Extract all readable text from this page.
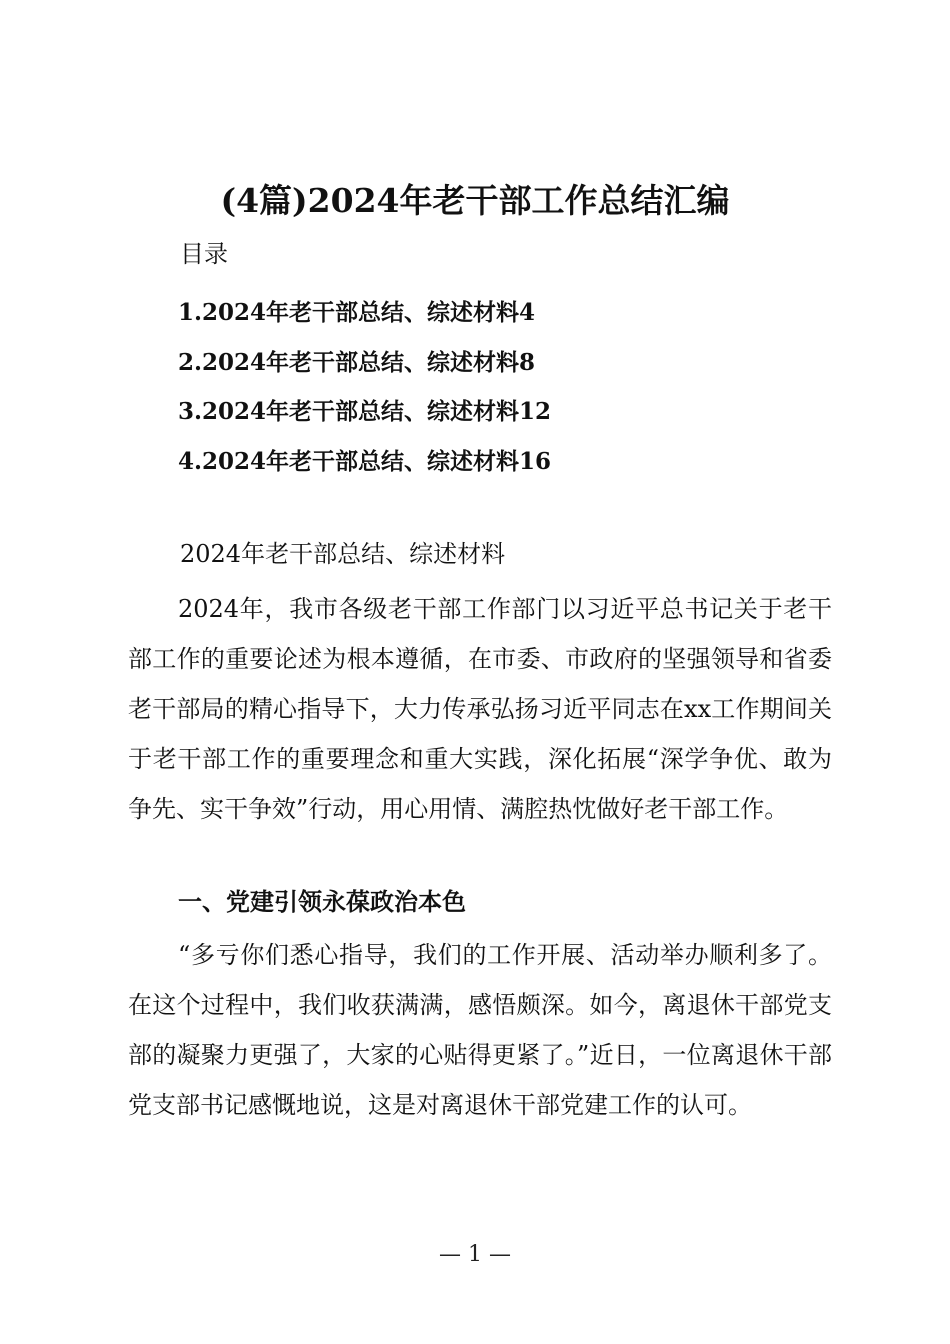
(4篇)2024年老干部工作总结汇编
目录
1.2024年老干部总结、综述材料4
2.2024年老干部总结、综述材料8
3.2024年老干部总结、综述材料12
4.2024年老干部总结、综述材料16
2024年老干部总结、综述材料

2024年，我市各级老干部工作部门以习近平总书记关于老干部工作的重要论述为根本遵循，在市委、市政府的坚强领导和省委老干部局的精心指导下，大力传承弘扬习近平同志在xx工作期间关于老干部工作的重要理念和重大实践，深化拓展“深学争优、敢为争先、实干争效”行动，用心用情、满腔热忱做好老干部工作。

一、党建引领永葆政治本色

“多亏你们悉心指导，我们的工作开展、活动举办顺利多了。在这个过程中，我们收获满满，感悟颇深。如今，离退休干部党支部的凝聚力更强了，大家的心贴得更紧了。”近日，一位离退休干部党支部书记感慨地说，这是对离退休干部党建工作的认可。

— 1 —
